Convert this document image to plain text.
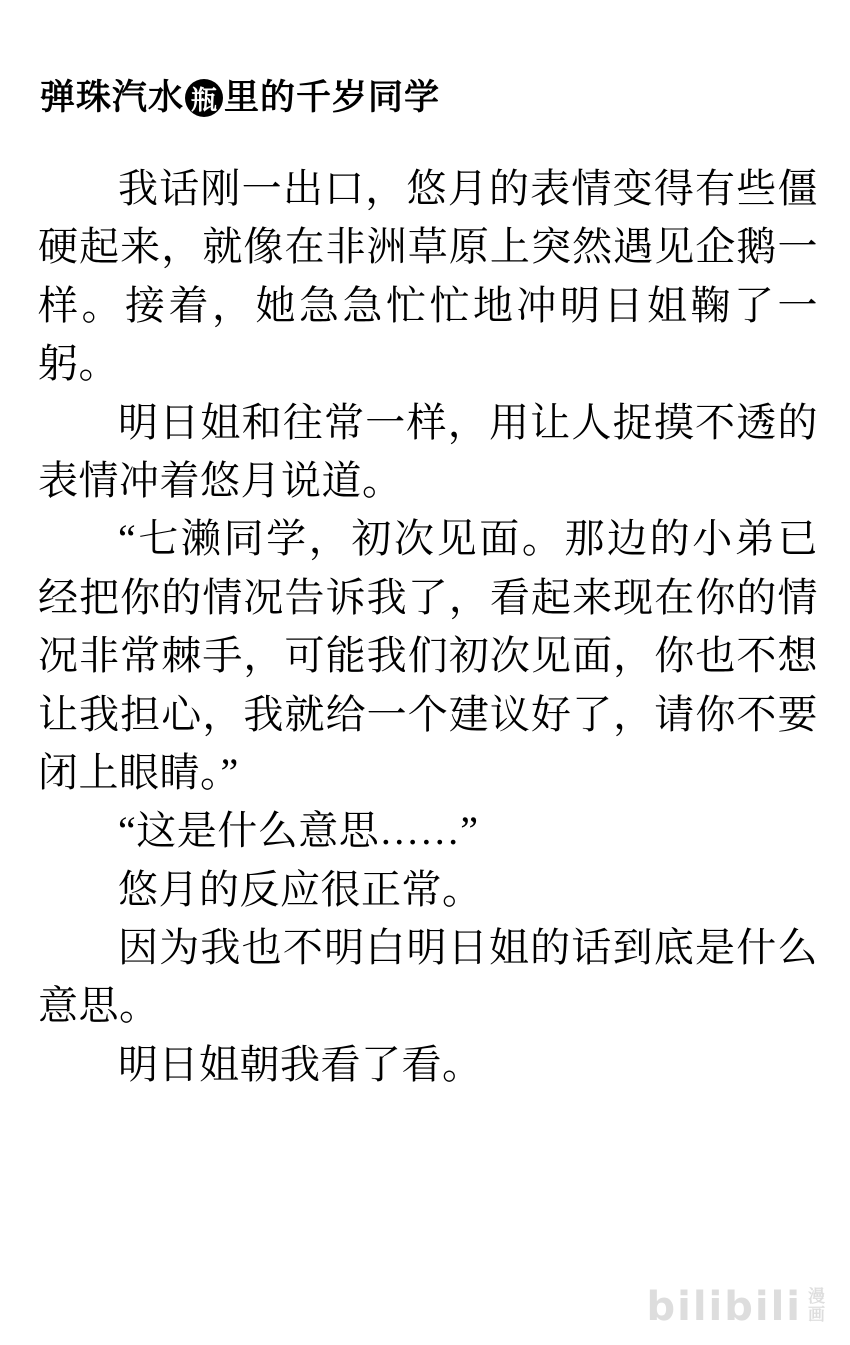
弹珠汽水 瓶 里的千岁同学

我话刚一出口，悠月的表情变得有些僵硬起来，就像在非洲草原上突然遇见企鹅一样。接着，她急急忙忙地冲明日姐鞠了一躬。

明日姐和往常一样，用让人捉摸不透的表情冲着悠月说道。

“七濑同学，初次见面。那边的小弟已经把你的情况告诉我了，看起来现在你的情况非常棘手，可能我们初次见面，你也不想让我担心，我就给一个建议好了，请你不要闭上眼睛。”

“这是什么意思……”

悠月的反应很正常。

因为我也不明白明日姐的话到底是什么意思。

明日姐朝我看了看。

bilibili 漫
画
